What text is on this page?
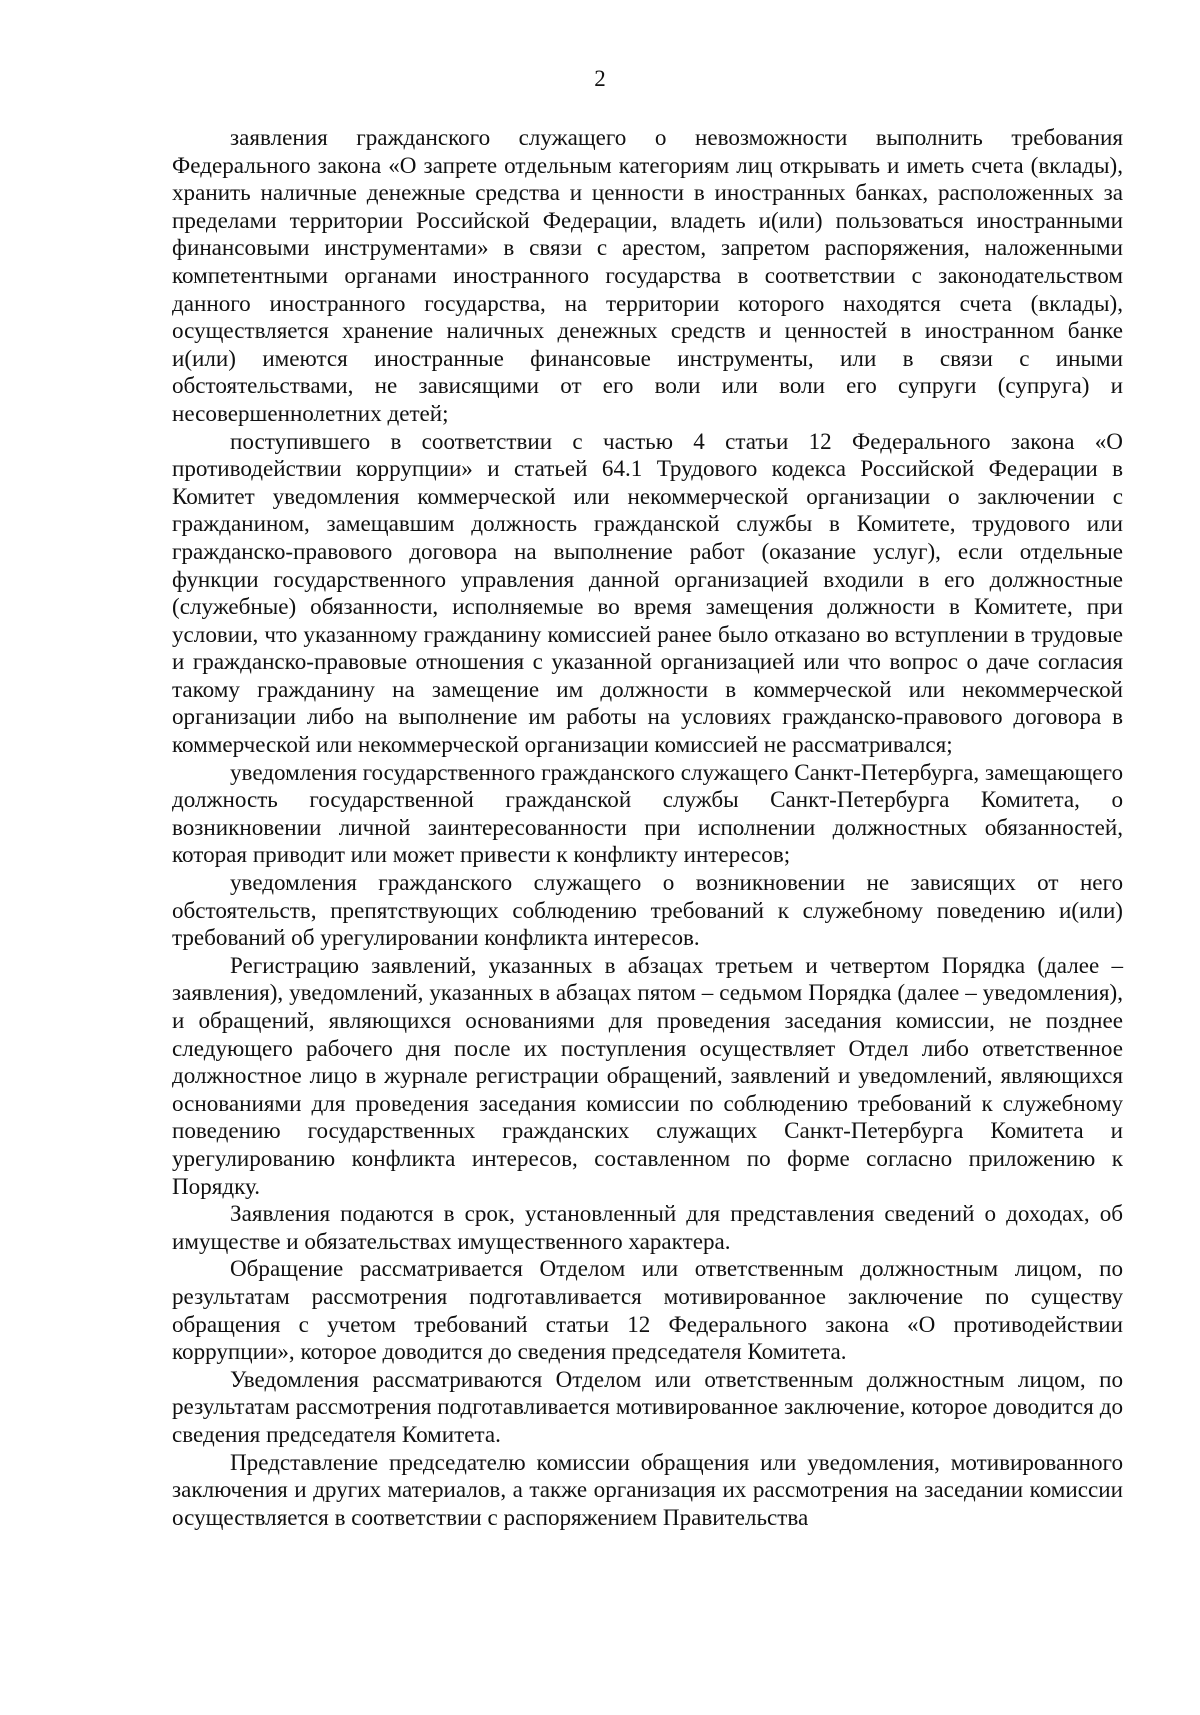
2

заявления гражданского служащего о невозможности выполнить требования Федерального закона «О запрете отдельным категориям лиц открывать и иметь счета (вклады), хранить наличные денежные средства и ценности в иностранных банках, расположенных за пределами территории Российской Федерации, владеть и(или) пользоваться иностранными финансовыми инструментами» в связи с арестом, запретом распоряжения, наложенными компетентными органами иностранного государства в соответствии с законодательством данного иностранного государства, на территории которого находятся счета (вклады), осуществляется хранение наличных денежных средств и ценностей в иностранном банке и(или) имеются иностранные финансовые инструменты, или в связи с иными обстоятельствами, не зависящими от его воли или воли его супруги (супруга) и несовершеннолетних детей;

поступившего в соответствии с частью 4 статьи 12 Федерального закона «О противодействии коррупции» и статьей 64.1 Трудового кодекса Российской Федерации в Комитет уведомления коммерческой или некоммерческой организации о заключении с гражданином, замещавшим должность гражданской службы в Комитете, трудового или гражданско-правового договора на выполнение работ (оказание услуг), если отдельные функции государственного управления данной организацией входили в его должностные (служебные) обязанности, исполняемые во время замещения должности в Комитете, при условии, что указанному гражданину комиссией ранее было отказано во вступлении в трудовые и гражданско-правовые отношения с указанной организацией или что вопрос о даче согласия такому гражданину на замещение им должности в коммерческой или некоммерческой организации либо на выполнение им работы на условиях гражданско-правового договора в коммерческой или некоммерческой организации комиссией не рассматривался;

уведомления государственного гражданского служащего Санкт-Петербурга, замещающего должность государственной гражданской службы Санкт-Петербурга Комитета, о возникновении личной заинтересованности при исполнении должностных обязанностей, которая приводит или может привести к конфликту интересов;

уведомления гражданского служащего о возникновении не зависящих от него обстоятельств, препятствующих соблюдению требований к служебному поведению и(или) требований об урегулировании конфликта интересов.

Регистрацию заявлений, указанных в абзацах третьем и четвертом Порядка (далее – заявления), уведомлений, указанных в абзацах пятом – седьмом Порядка (далее – уведомления), и обращений, являющихся основаниями для проведения заседания комиссии, не позднее следующего рабочего дня после их поступления осуществляет Отдел либо ответственное должностное лицо в журнале регистрации обращений, заявлений и уведомлений, являющихся основаниями для проведения заседания комиссии по соблюдению требований к служебному поведению государственных гражданских служащих Санкт-Петербурга Комитета и урегулированию конфликта интересов, составленном по форме согласно приложению к Порядку.

Заявления подаются в срок, установленный для представления сведений о доходах, об имуществе и обязательствах имущественного характера.

Обращение рассматривается Отделом или ответственным должностным лицом, по результатам рассмотрения подготавливается мотивированное заключение по существу обращения с учетом требований статьи 12 Федерального закона «О противодействии коррупции», которое доводится до сведения председателя Комитета.

Уведомления рассматриваются Отделом или ответственным должностным лицом, по результатам рассмотрения подготавливается мотивированное заключение, которое доводится до сведения председателя Комитета.

Представление председателю комиссии обращения или уведомления, мотивированного заключения и других материалов, а также организация их рассмотрения на заседании комиссии осуществляется в соответствии с распоряжением Правительства
